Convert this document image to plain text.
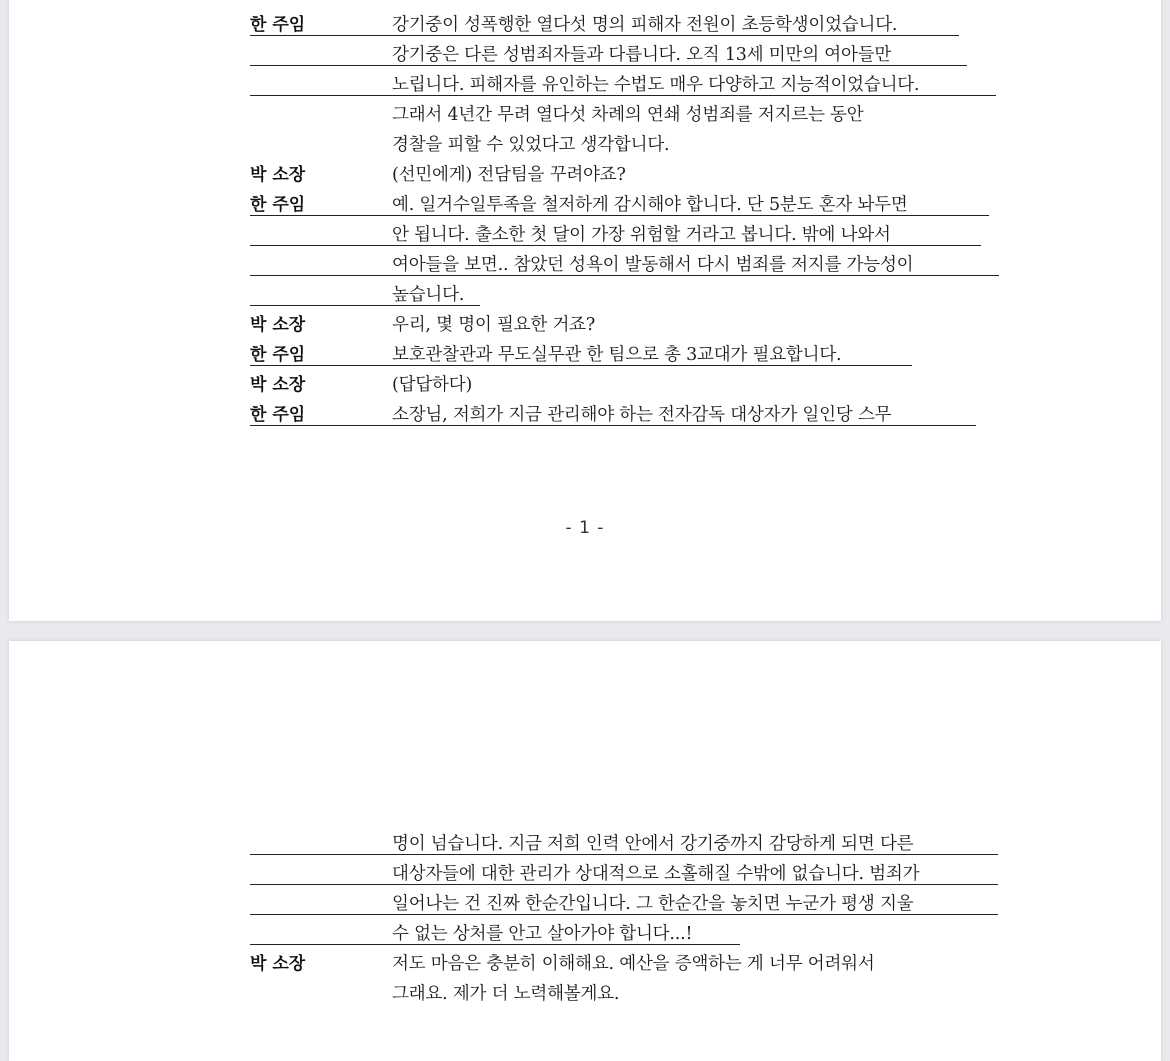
한 주임	강기중이 성폭행한 열다섯 명의 피해자 전원이 초등학생이었습니다.
강기중은 다른 성범죄자들과 다릅니다. 오직 13세 미만의 여아들만
노립니다. 피해자를 유인하는 수법도 매우 다양하고 지능적이었습니다.
그래서 4년간 무려 열다섯 차례의 연쇄 성범죄를 저지르는 동안
경찰을 피할 수 있었다고 생각합니다.
박 소장	(선민에게) 전담팀을 꾸려야죠?
한 주임	예. 일거수일투족을 철저하게 감시해야 합니다. 단 5분도 혼자 놔두면
안 됩니다. 출소한 첫 달이 가장 위험할 거라고 봅니다. 밖에 나와서
여아들을 보면.. 참았던 성욕이 발동해서 다시 범죄를 저지를 가능성이
높습니다.
박 소장	우리, 몇 명이 필요한 거죠?
한 주임	보호관찰관과 무도실무관 한 팀으로 총 3교대가 필요합니다.
박 소장	(답답하다)
한 주임	소장님, 저희가 지금 관리해야 하는 전자감독 대상자가 일인당 스무
- 1 -
명이 넘습니다. 지금 저희 인력 안에서 강기중까지 감당하게 되면 다른
대상자들에 대한 관리가 상대적으로 소홀해질 수밖에 없습니다. 범죄가
일어나는 건 진짜 한순간입니다. 그 한순간을 놓치면 누군가 평생 지울
수 없는 상처를 안고 살아가야 합니다...!
박 소장	저도 마음은 충분히 이해해요. 예산을 증액하는 게 너무 어려워서
그래요. 제가 더 노력해볼게요.
